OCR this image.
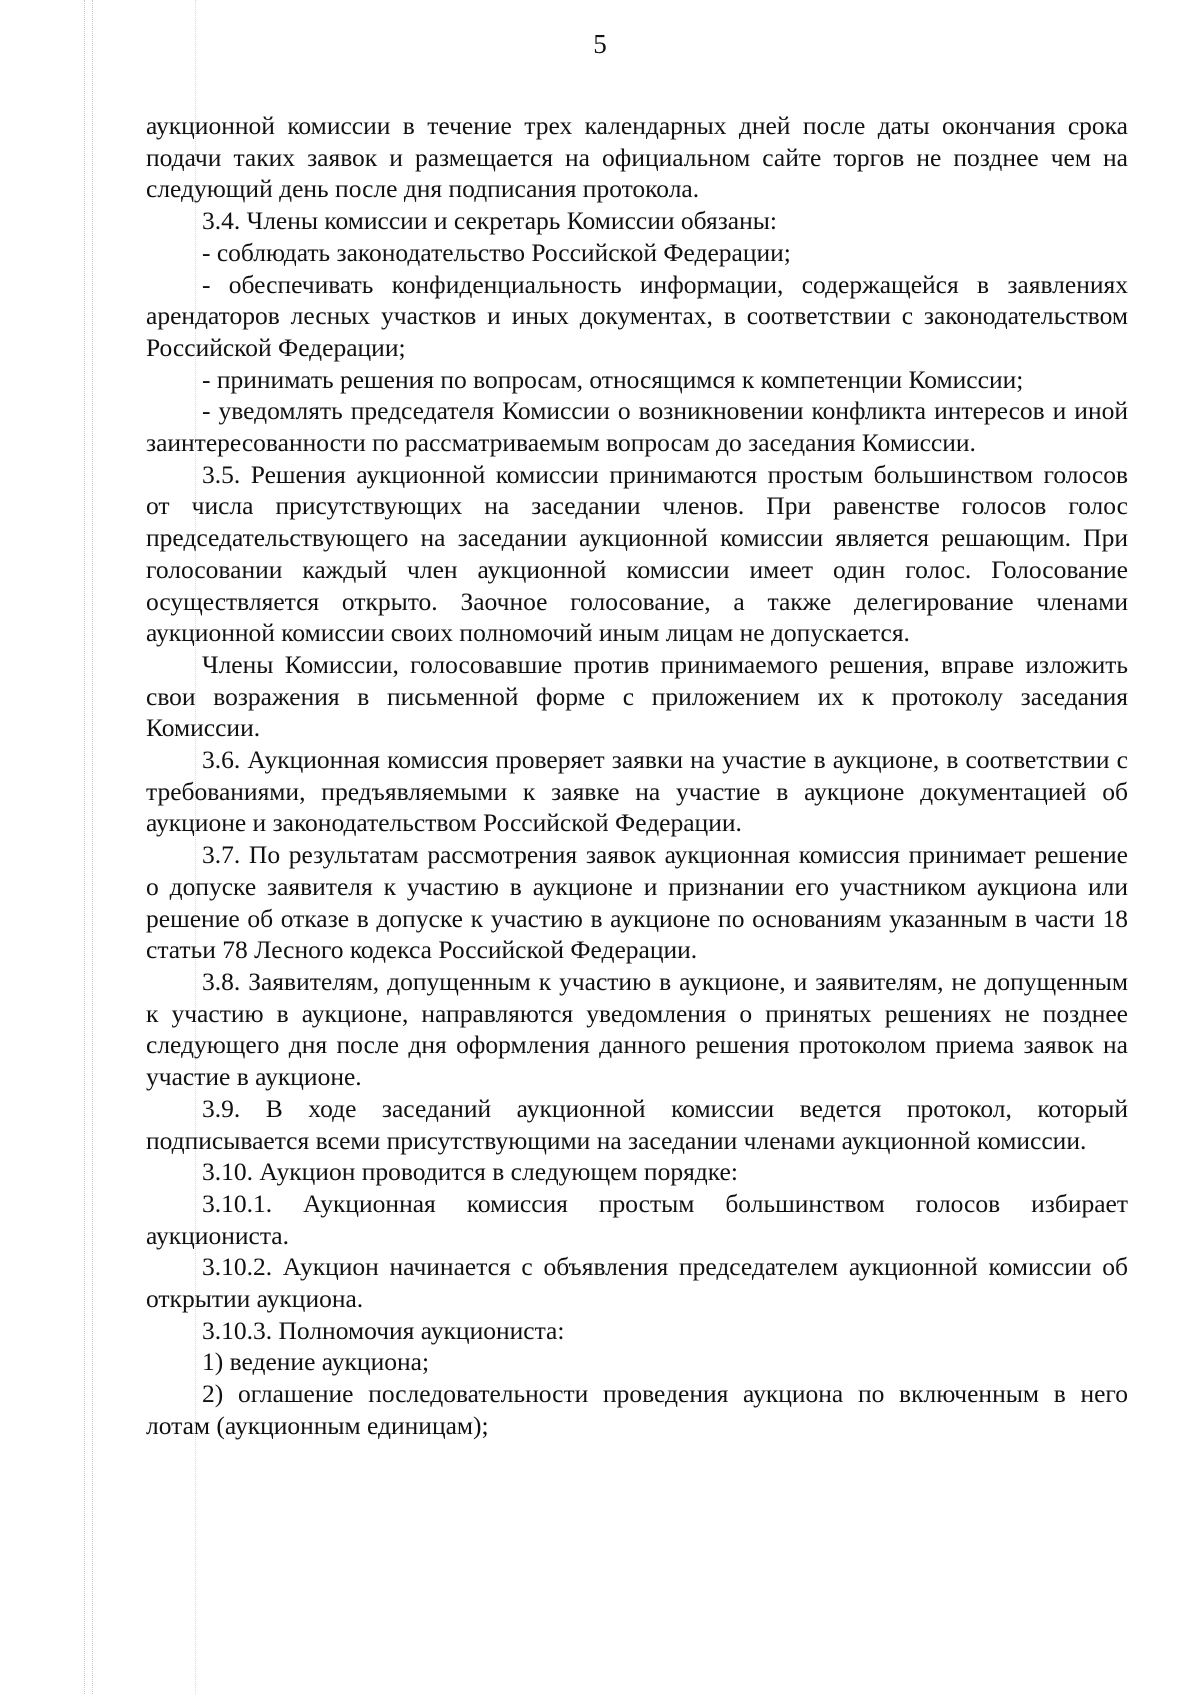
5

аукционной комиссии в течение трех календарных дней после даты окончания срока подачи таких заявок и размещается на официальном сайте торгов не позднее чем на следующий день после дня подписания протокола.

3.4. Члены комиссии и секретарь Комиссии обязаны:

- соблюдать законодательство Российской Федерации;

- обеспечивать конфиденциальность информации, содержащейся в заявлениях арендаторов лесных участков и иных документах, в соответствии с законодательством Российской Федерации;

- принимать решения по вопросам, относящимся к компетенции Комиссии;

- уведомлять председателя Комиссии о возникновении конфликта интересов и иной заинтересованности по рассматриваемым вопросам до заседания Комиссии.

3.5. Решения аукционной комиссии принимаются простым большинством голосов от числа присутствующих на заседании членов. При равенстве голосов голос председательствующего на заседании аукционной комиссии является решающим. При голосовании каждый член аукционной комиссии имеет один голос. Голосование осуществляется открыто. Заочное голосование, а также делегирование членами аукционной комиссии своих полномочий иным лицам не допускается.

Члены Комиссии, голосовавшие против принимаемого решения, вправе изложить свои возражения в письменной форме с приложением их к протоколу заседания Комиссии.

3.6. Аукционная комиссия проверяет заявки на участие в аукционе, в соответствии с требованиями, предъявляемыми к заявке на участие в аукционе документацией об аукционе и законодательством Российской Федерации.

3.7. По результатам рассмотрения заявок аукционная комиссия принимает решение о допуске заявителя к участию в аукционе и признании его участником аукциона или решение об отказе в допуске к участию в аукционе по основаниям указанным в части 18 статьи 78 Лесного кодекса Российской Федерации.

3.8. Заявителям, допущенным к участию в аукционе, и заявителям, не допущенным к участию в аукционе, направляются уведомления о принятых решениях не позднее следующего дня после дня оформления данного решения протоколом приема заявок на участие в аукционе.

3.9. В ходе заседаний аукционной комиссии ведется протокол, который подписывается всеми присутствующими на заседании членами аукционной комиссии.

3.10. Аукцион проводится в следующем порядке:

3.10.1. Аукционная комиссия простым большинством голосов избирает аукциониста.

3.10.2. Аукцион начинается с объявления председателем аукционной комиссии об открытии аукциона.

3.10.3. Полномочия аукциониста:

1) ведение аукциона;

2) оглашение последовательности проведения аукциона по включенным в него лотам (аукционным единицам);
